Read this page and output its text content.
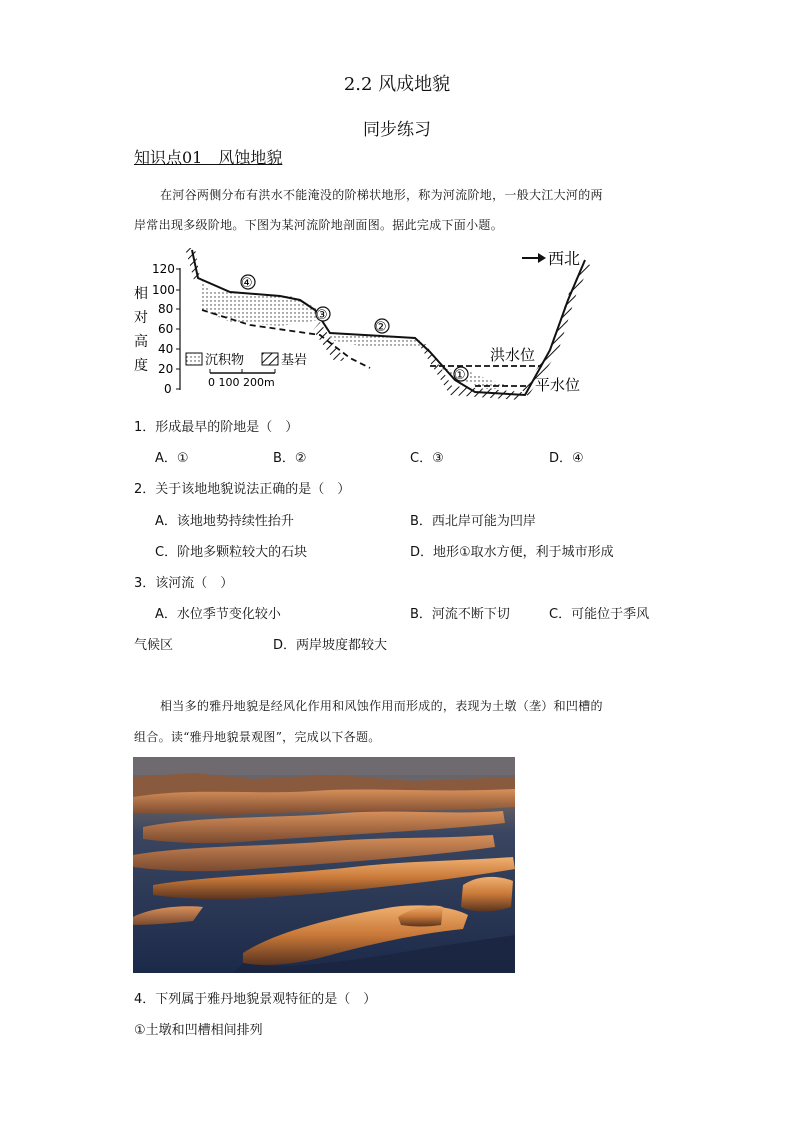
2.2 风成地貌
同步练习
知识点01　风蚀地貌
在河谷两侧分布有洪水不能淹没的阶梯状地形，称为河流阶地，一般大江大河的两
岸常出现多级阶地。下图为某河流阶地剖面图。据此完成下面小题。
120
100
80
60
40
20
0
相
对
高
度
洪水位
平水位
西北
④
③
②
①
沉积物	基岩
0 100 200m
1．形成最早的阶地是（　）
A．①	B．②	C．③	D．④
2．关于该地地貌说法正确的是（　）
A．该地地势持续性抬升	B．西北岸可能为凹岸
C．阶地多颗粒较大的石块	D．地形①取水方便，利于城市形成
3．该河流（　）
A．水位季节变化较小	B．河流不断下切	C．可能位于季风
气候区	D．两岸坡度都较大
相当多的雅丹地貌是经风化作用和风蚀作用而形成的，表现为土墩（垄）和凹槽的
组合。读“雅丹地貌景观图”，完成以下各题。
4．下列属于雅丹地貌景观特征的是（　）
①土墩和凹槽相间排列
